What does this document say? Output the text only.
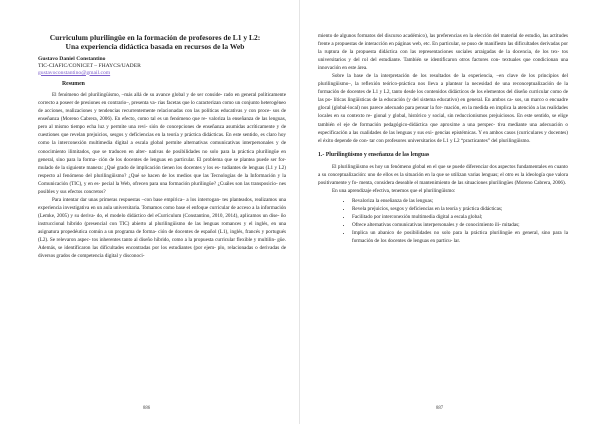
Curriculum plurilingüe en la formación de profesores de L1 y L2:
Una experiencia didáctica basada en recursos de la Web
Gustavo Daniel Constantino
TIC-CIAFIC/CONICET – FHAYCS/UADER
gustavoconstantino@gmail.com
Resumen

El fenómeno del plurilingüismo, –más allá de su avance global y de ser conside- rado en general políticamente correcto a poseer de presiones en contrario–, presenta va- rias facetas que lo caracterizan como un conjunto heterogéneo de acciones, realizaciones y tendencias recurrentemente relacionadas con las políticas educativas y con proce- sos de enseñanza (Moreno Cabrera, 2006). En efecto, como tal es un fenómeno que re- valoriza la enseñanza de las lenguas, pero al mismo tiempo echa luz y permite una revi- sión de concepciones de enseñanza asumidas acríticamente y de cuestiones que revelan prejuicios, sesgos y deficiencias en la teoría y práctica didácticas. En este sentido, es claro hoy como la interconexión multimedia digital a escala global permite alternativas comunicativas interpersonales y de conocimiento ilimitados, que se traducen en alter- nativas de posibilidades no solo para la práctica plurilingüe en general, sino para la forma- ción de los docentes de lenguas en particular. El problema que se plantea puede ser for- mulado de la siguiente manera: ¿Qué grado de implicación tienen los docentes y los es- tudiantes de lenguas (L1 y L2) respecto al fenómeno del plurilingüismo? ¿Qué se hacen de los medios que las Tecnologías de la Información y la Comunicación (TIC), y en es- pecial la Web, ofrecen para una formación plurilingüe? ¿Cuáles son las transposicio- nes posibles y sus efectos concretos?

Para intentar dar unas primeras respuestas –con base empírica– a los interrogan- tes planteados, realizamos una experiencia investigativa en un aula universitaria. Tomamos como base el enfoque curricular de acceso a la información (Lemke, 2005) y su deriva- do, el modelo didáctico del eCurriculum (Constantino, 2010, 2014), aplicamos un dise- ño instruccional híbrido (presencial con TIC) abierto al plurilingüismo de las lenguas romances y el inglés, en una asignatura propedéutica común a un programa de forma- ción de docentes de español (L1), inglés, francés y portugués (L2). Se relevaron aspec- tos inherentes tanto al diseño híbrido, como a la propuesta curricular flexible y multilin- güe. Además, se identificaron las dificultades encontradas por los estudiantes (por ejem- plo, relacionadas o derivadas de diversos grados de competencia digital y disconoci-

886

miento de algunos formatos del discurso académico), las preferencias en la elección del material de estudio, las actitudes frente a propuestas de interacción en páginas web, etc. En particular, se puso de manifiesto las dificultades derivadas por la ruptura de la propuesta didáctica con las representaciones sociales arraigadas de la docencia, de los tex- tos universitarios y del rol del estudiante. También se identificaron otros factores con- textuales que condicionan una innovación en este área.

Sobre la base de la interpretación de los resultados de la experiencia, –en clave de los principios del plurilingüismo–, la reflexión teórico-práctica nos lleva a plantear la necesidad de una reconceptualización de la formación de docentes de L1 y L2, tanto desde los contenidos didácticos de los elementos del diseño curricular como de las po- líticas lingüísticas de la educación (y del sistema educativo) en general. En ambos ca- sos, un marco o encuadre glocal (global-local) nos parece adecuado para pensar la for- mación, en la medida en implica la atención a las realidades locales en su contexto re- gional y global, histórico y social, sin reduccionismos prejuiciosos. En este sentido, se elige también el eje de formación pedagógico-didáctica que aproxime a una perspec- tiva mediante una adecuación o especificación a las cualidades de las lenguas y sus exi- gencias epistémicas. Y en ambos casos (curriculares y docentes) el éxito depende de con- tar con profesores universitarios de L1 y L2 “practicantes” del plurilingüismo.

1.- Plurilingüismo y enseñanza de las lenguas

El plurilingüismo es hoy un fenómeno global en el que se puede diferenciar dos aspectos fundamentales en cuanto a su conceptualización: uno de ellos es la situación en la que se utilizan varias lenguas; el otro es la ideología que valora positivamente y fo- menta, considera deseable el mantenimiento de las situaciones plurilingües (Moreno Cabrera, 2006).

En una aprendizaje efectiva, tenemos que el plurilingüismo:

• Revaloriza la enseñanza de las lenguas;
• Revela prejuicios, sesgos y deficiencias en la teoría y práctica didácticas;
• Facilitado por interconexión multimedia digital a escala global;
• Ofrece alternativas comunicativas interpersonales y de conocimiento ili- mitadas;
• Implica un abanico de posibilidades no solo para la práctica plurilingüe en general, sino para la formación de los docentes de lenguas en particu- lar.
887
